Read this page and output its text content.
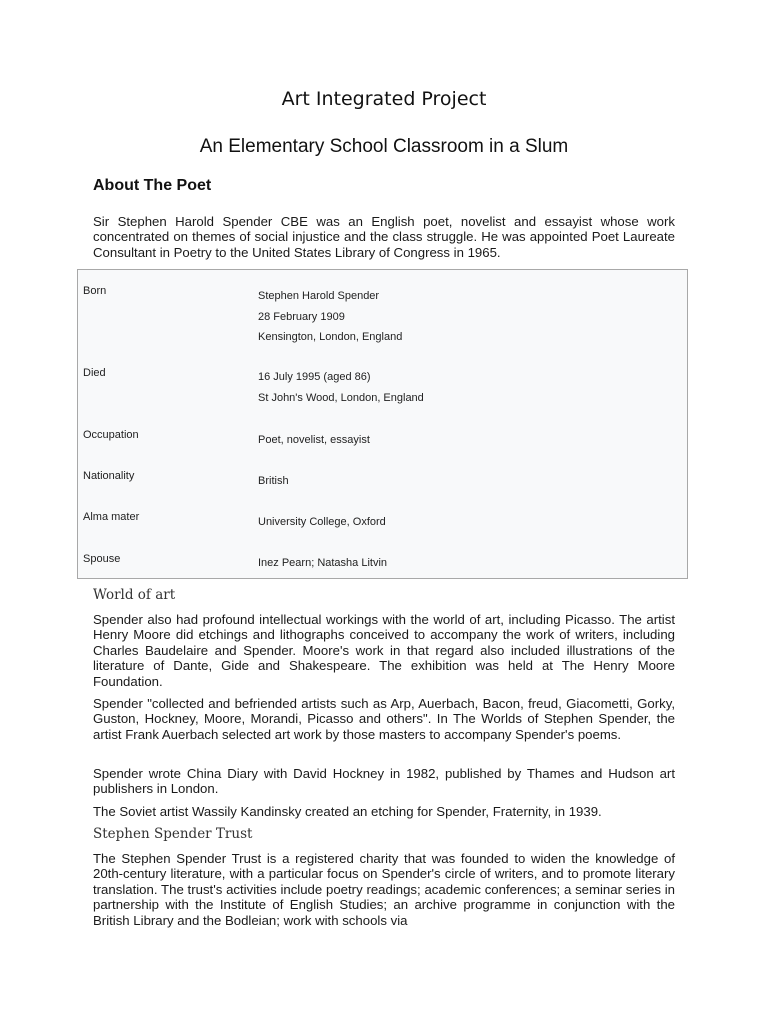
Art Integrated Project
An Elementary School Classroom in a Slum
About The Poet

Sir Stephen Harold Spender CBE was an English poet, novelist and essayist whose work concentrated on themes of social injustice and the class struggle. He was appointed Poet Laureate Consultant in Poetry to the United States Library of Congress in 1965.

Born	Stephen Harold Spender
28 February 1909
Kensington, London, England
Died	16 July 1995 (aged 86)
St John's Wood, London, England
Occupation	Poet, novelist, essayist
Nationality	British
Alma mater	University College, Oxford
Spouse	Inez Pearn; Natasha Litvin
World of art

Spender also had profound intellectual workings with the world of art, including Picasso. The artist Henry Moore did etchings and lithographs conceived to accompany the work of writers, including Charles Baudelaire and Spender. Moore's work in that regard also included illustrations of the literature of Dante, Gide and Shakespeare. The exhibition was held at The Henry Moore Foundation.

Spender "collected and befriended artists such as Arp, Auerbach, Bacon, freud, Giacometti, Gorky, Guston, Hockney, Moore, Morandi, Picasso and others". In The Worlds of Stephen Spender, the artist Frank Auerbach selected art work by those masters to accompany Spender's poems.

Spender wrote China Diary with David Hockney in 1982, published by Thames and Hudson art publishers in London.

The Soviet artist Wassily Kandinsky created an etching for Spender, Fraternity, in 1939.

Stephen Spender Trust

The Stephen Spender Trust is a registered charity that was founded to widen the knowledge of 20th-century literature, with a particular focus on Spender's circle of writers, and to promote literary translation. The trust's activities include poetry readings; academic conferences; a seminar series in partnership with the Institute of English Studies; an archive programme in conjunction with the British Library and the Bodleian; work with schools via
